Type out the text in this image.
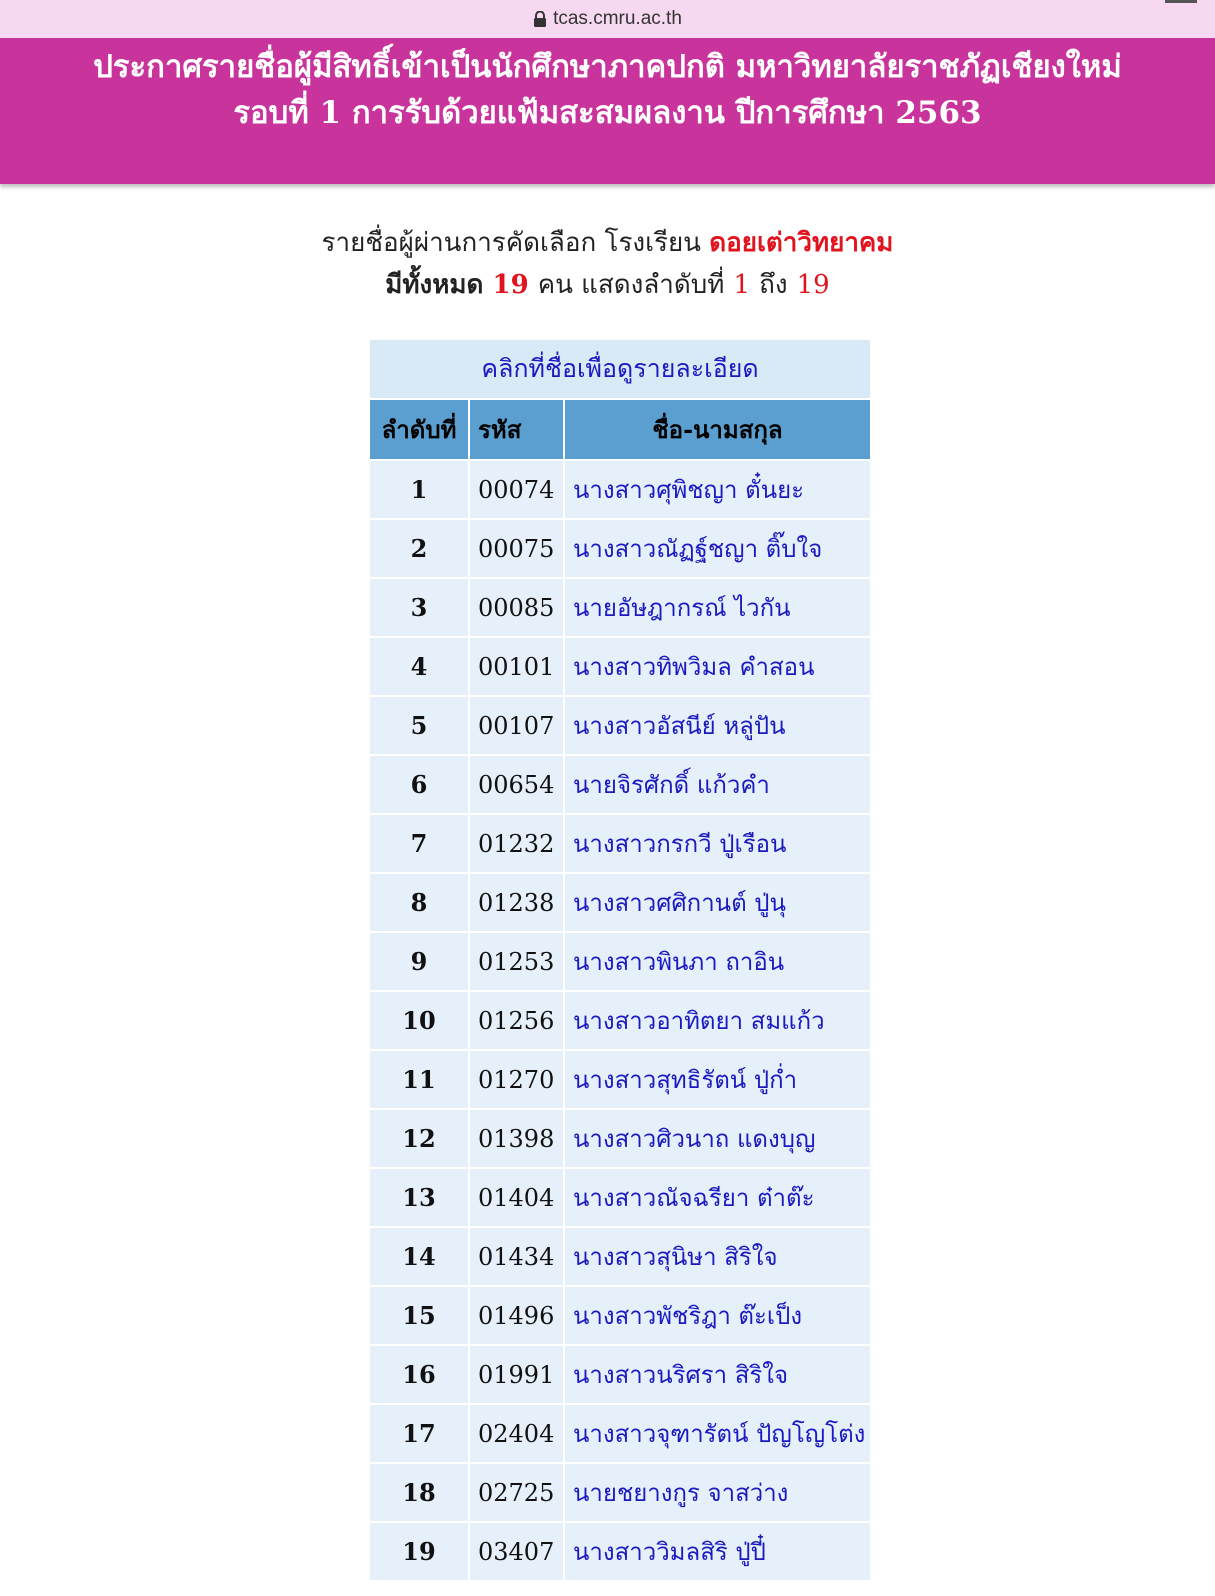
tcas.cmru.ac.th
ประกาศรายชื่อผู้มีสิทธิ์เข้าเป็นนักศึกษาภาคปกติ มหาวิทยาลัยราชภัฏเชียงใหม่
รอบที่ 1 การรับด้วยแฟ้มสะสมผลงาน ปีการศึกษา 2563
รายชื่อผู้ผ่านการคัดเลือก โรงเรียน ดอยเต่าวิทยาคม
มีทั้งหมด 19 คน แสดงลำดับที่ 1 ถึง 19
คลิกที่ชื่อเพื่อดูรายละเอียด		
ลำดับที่	รหัส	ชื่อ-นามสกุล
1	00074	นางสาวศุพิชญา ตั๋นยะ
2	00075	นางสาวณัฏฐ์ชญา ติ๊บใจ
3	00085	นายอัษฎากรณ์ ไวกัน
4	00101	นางสาวทิพวิมล คำสอน
5	00107	นางสาวอัสนีย์ หลู่ปัน
6	00654	นายจิรศักดิ์ แก้วคำ
7	01232	นางสาวกรกวี ปู่เรือน
8	01238	นางสาวศศิกานต์ ปู่นุ
9	01253	นางสาวพินภา ถาอิน
10	01256	นางสาวอาทิตยา สมแก้ว
11	01270	นางสาวสุทธิรัตน์ ปู่ก่ำ
12	01398	นางสาวศิวนาถ แดงบุญ
13	01404	นางสาวณัจฉรียา ต๋าต๊ะ
14	01434	นางสาวสุนิษา สิริใจ
15	01496	นางสาวพัชริฎา ต๊ะเป็ง
16	01991	นางสาวนริศรา สิริใจ
17	02404	นางสาวจุฑารัตน์ ปัญโญโต่ง
18	02725	นายชยางกูร จาสว่าง
19	03407	นางสาววิมลสิริ ปู่ปี๋
